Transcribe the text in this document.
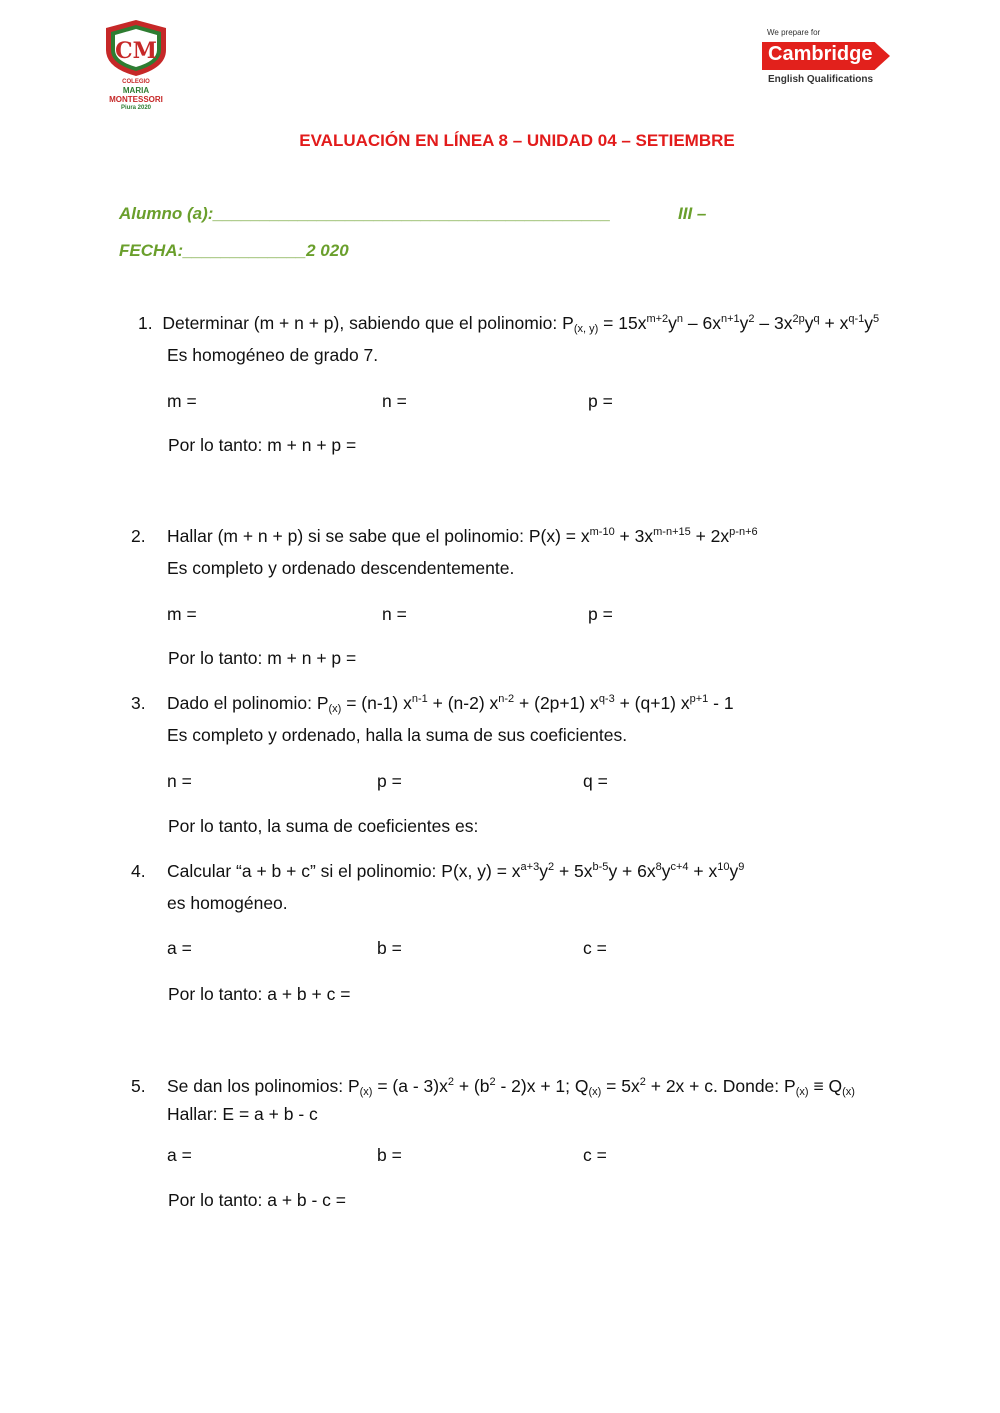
CM
COLEGIO
MARIA
MONTESSORI
Piura 2020
We prepare for
Cambridge
English Qualifications
EVALUACIÓN EN LÍNEA 8 – UNIDAD 04 – SETIEMBRE
Alumno (a):__________________________________________	III –
FECHA:_____________2 020
1. Determinar (m + n + p), sabiendo que el polinomio: $P_{(x, y)} = 15x^{m+2}y^n - 6x^{n+1}y^2 - 3x^{2p}y^q + x^{q-1}y^5$
Es homogéneo de grado 7.
m =	n =	p =
Por lo tanto: m + n + p =
2. Hallar (m + n + p) si se sabe que el polinomio: $P(x) = x^{m-10} + 3x^{m-n+15} + 2x^{p-n+6}$
Es completo y ordenado descendentemente.
m =	n =	p =
Por lo tanto: m + n + p =
3. Dado el polinomio: $P_{(x)} = (n-1) x^{n-1} + (n-2) x^{n-2} + (2p+1) x^{q-3} + (q+1)$ $x^{p+1} - 1$
Es completo y ordenado, halla la suma de sus coeficientes.
n =	p =	q =
Por lo tanto, la suma de coeficientes es:
4. Calcular “a + b + c” si el polinomio: P(x, $y) = x^{a+3}y^2 + 5x^{b-5}y + 6x^8y^{c+4} + x^{10}y^9$
es homogéneo.
a =	b =	c =
Por lo tanto: a + b + c =
5. Se dan los polinomios: $P_{(x)} = (a - 3)x^2 + (b^2 - 2)x + 1$; $Q_{(x)} = 5x^2 + 2x + c$. Donde: $P_{(x)} \equiv Q_{(x)}$
Hallar: E = a + b - c
a =	b =	c =
Por lo tanto: a + b - c =
